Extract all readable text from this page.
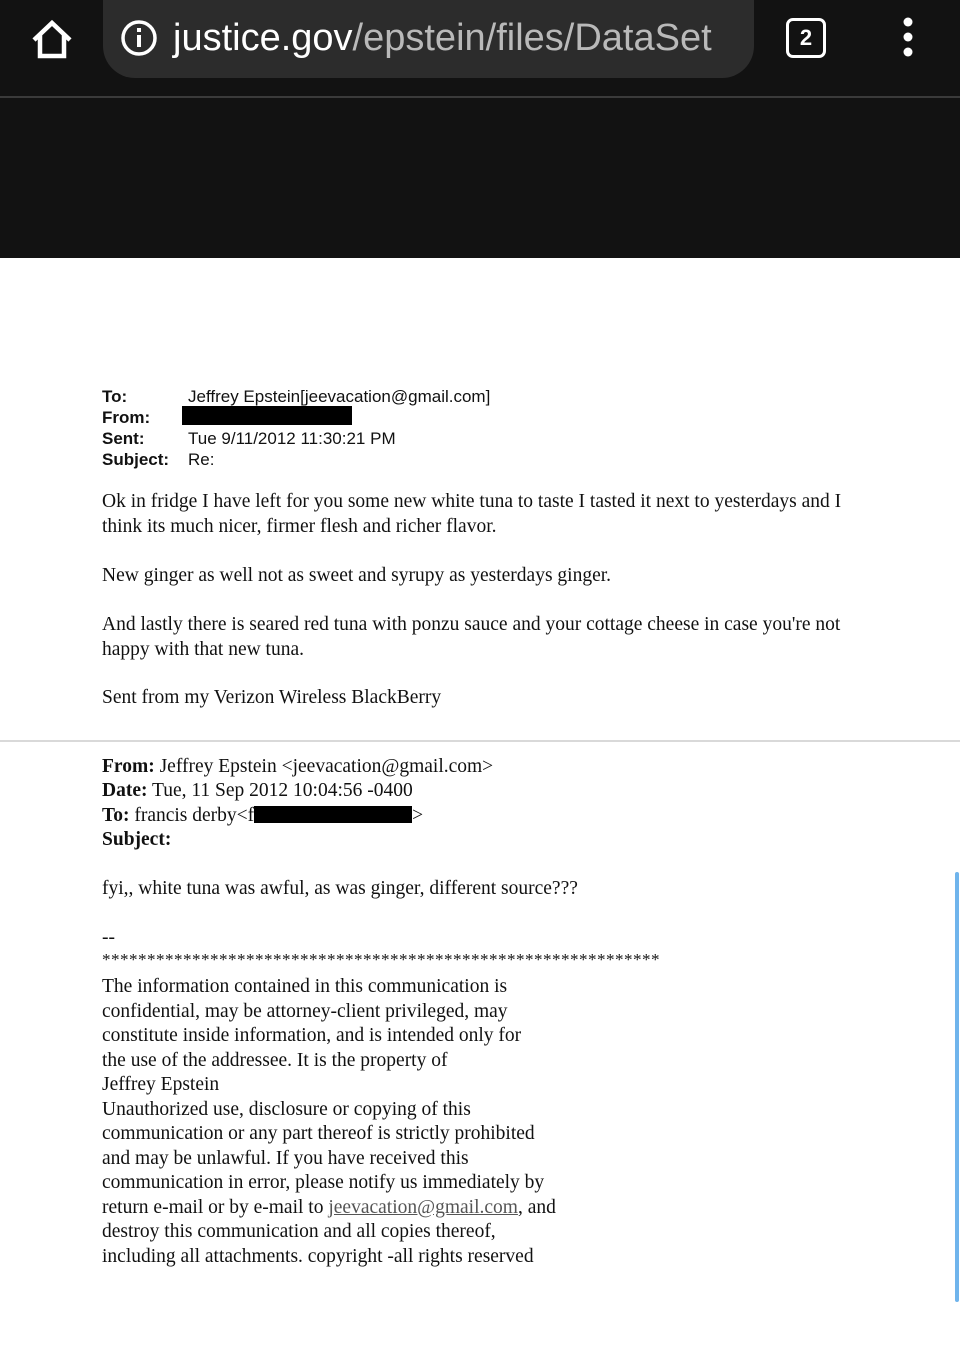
justice.gov/epstein/files/DataSet	2
To:	Jeffrey Epstein[jeevacation@gmail.com]
From:
Sent:	Tue 9/11/2012 11:30:21 PM
Subject: Re:
Ok in fridge I have left for you some new white tuna to taste I tasted it next to yesterdays and I
think its much nicer, firmer flesh and richer flavor.
New ginger as well not as sweet and syrupy as yesterdays ginger.
And lastly there is seared red tuna with ponzu sauce and your cottage cheese in case you're not
happy with that new tuna.
Sent from my Verizon Wireless BlackBerry
From: Jeffrey Epstein <jeevacation@gmail.com>
Date: Tue, 11 Sep 2012 10:04:56 -0400
To: francis derby<f	>
Subject:
fyi,, white tuna was awful, as was ginger, different source???
--
**************************************************************
The information contained in this communication is
confidential, may be attorney-client privileged, may
constitute inside information, and is intended only for
the use of the addressee. It is the property of
Jeffrey Epstein
Unauthorized use, disclosure or copying of this
communication or any part thereof is strictly prohibited
and may be unlawful. If you have received this
communication in error, please notify us immediately by
return e-mail or by e-mail to jeevacation@gmail.com, and
destroy this communication and all copies thereof,
including all attachments. copyright -all rights reserved
